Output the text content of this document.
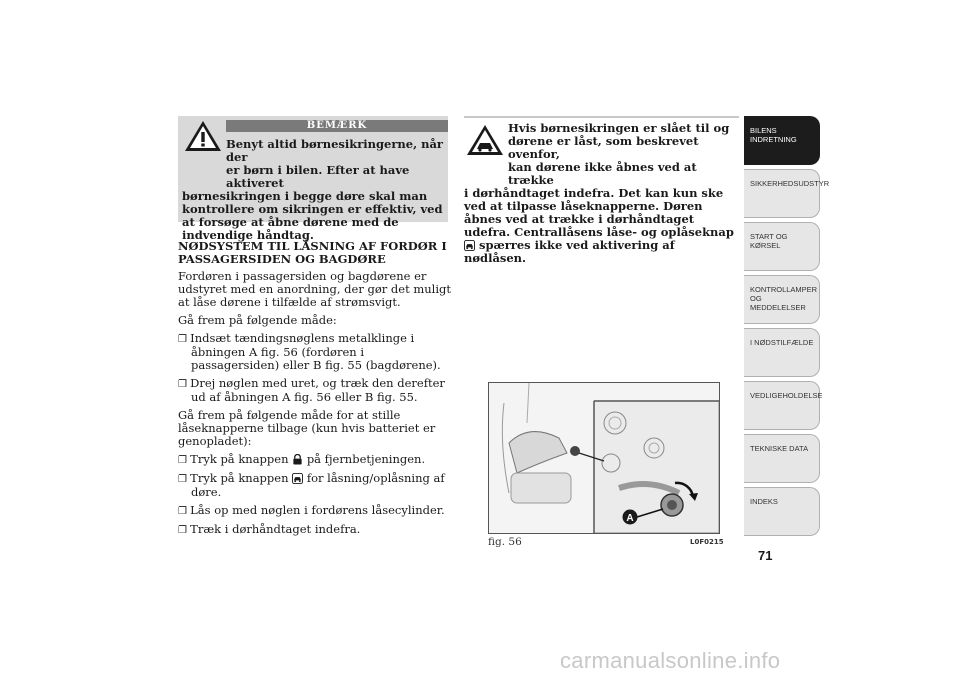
BEMÆRK
Benyt altid børnesikringerne, når der
er børn i bilen. Efter at have aktiveret
børnesikringen i begge døre skal man kontrollere om sikringen er effektiv, ved at forsøge at åbne dørene med de indvendige håndtag.
NØDSYSTEM TIL LÅSNING AF FORDØR I PASSAGERSIDEN OG BAGDØRE
Fordøren i passagersiden og bagdørene er udstyret med en anordning, der gør det muligt at låse dørene i tilfælde af strømsvigt.
Gå frem på følgende måde:
❐ Indsæt tændingsnøglens metalklinge i åbningen A fig. 56 (fordøren i passagersiden) eller B fig. 55 (bagdørene).
❐ Drej nøglen med uret, og træk den derefter ud af åbningen A fig. 56 eller B fig. 55.
Gå frem på følgende måde for at stille låseknapperne tilbage (kun hvis batteriet er genopladet):
❐ Tryk på knappen på fjernbetjeningen.
❐ Tryk på knappen for låsning/oplåsning af døre.
❐ Lås op med nøglen i fordørens låsecylinder.
❐ Træk i dørhåndtaget indefra.
Hvis børnesikringen er slået til og
dørene er låst, som beskrevet ovenfor,
kan dørene ikke åbnes ved at trække
i dørhåndtaget indefra. Det kan kun ske ved at tilpasse låseknapperne. Døren åbnes ved at trække i dørhåndtaget udefra. Centrallåsens låse- og oplåseknap  spærres ikke ved aktivering af nødlåsen.
A
fig. 56	L0F0215
BILENS INDRETNING
SIKKERHEDSUDSTYR
START OG KØRSEL
KONTROLLAMPER OG MEDDELELSER
I NØDSTILFÆLDE
VEDLIGEHOLDELSE
TEKNISKE DATA
INDEKS
71
carmanualsonline.info
